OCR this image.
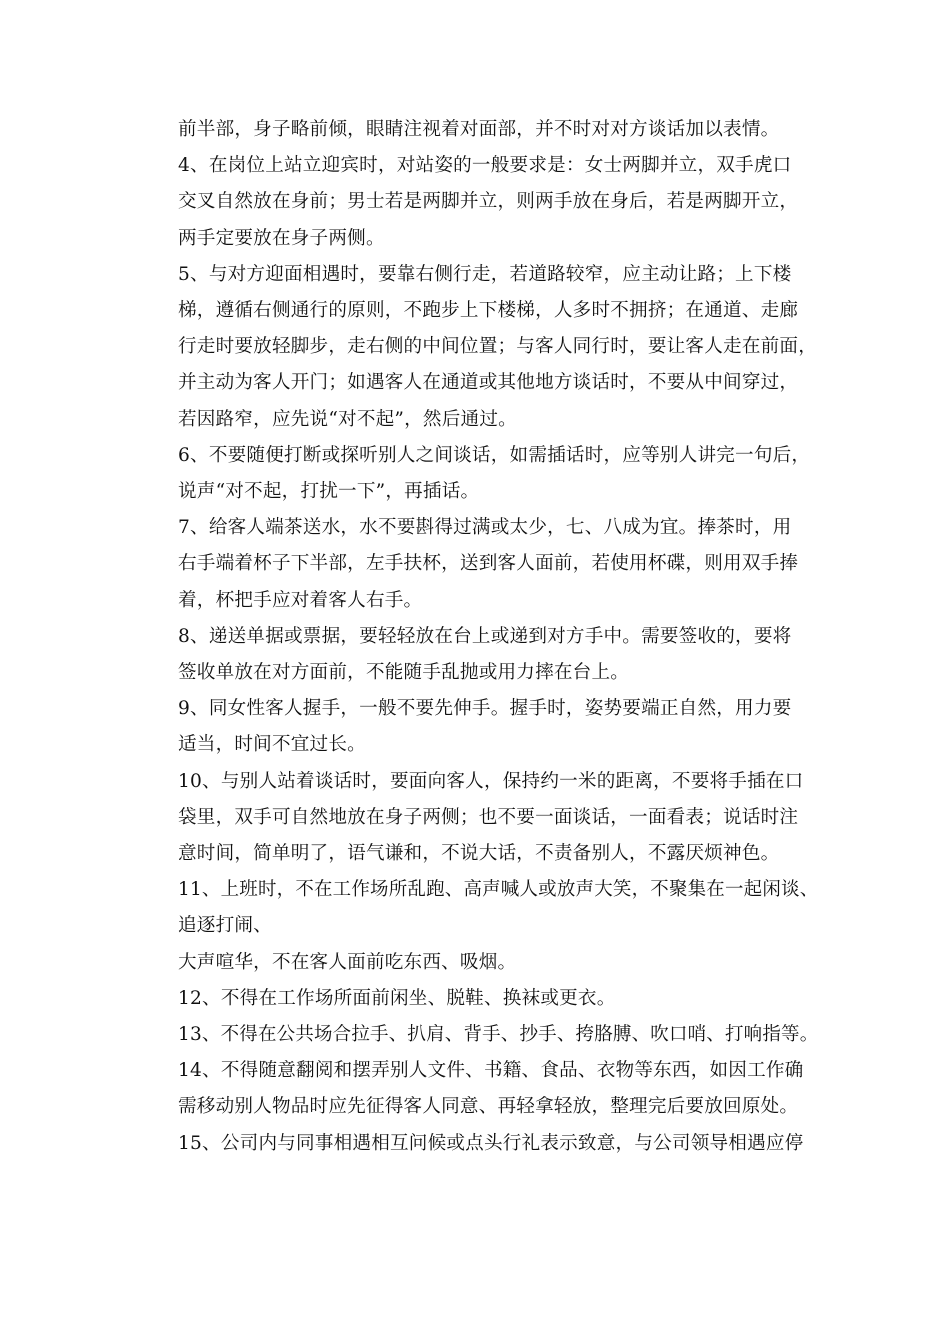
前半部，身子略前倾，眼睛注视着对面部，并不时对对方谈话加以表情。
4、在岗位上站立迎宾时，对站姿的一般要求是：女士两脚并立，双手虎口
交叉自然放在身前；男士若是两脚并立，则两手放在身后，若是两脚开立，
两手定要放在身子两侧。
5、与对方迎面相遇时，要靠右侧行走，若道路较窄，应主动让路；上下楼
梯，遵循右侧通行的原则，不跑步上下楼梯，人多时不拥挤；在通道、走廊
行走时要放轻脚步，走右侧的中间位置；与客人同行时，要让客人走在前面，
并主动为客人开门；如遇客人在通道或其他地方谈话时，不要从中间穿过，
若因路窄，应先说“对不起”，然后通过。
6、不要随便打断或探听别人之间谈话，如需插话时，应等别人讲完一句后，
说声“对不起，打扰一下”，再插话。
7、给客人端茶送水，水不要斟得过满或太少，七、八成为宜。捧茶时，用
右手端着杯子下半部，左手扶杯，送到客人面前，若使用杯碟，则用双手捧
着，杯把手应对着客人右手。
8、递送单据或票据，要轻轻放在台上或递到对方手中。需要签收的，要将
签收单放在对方面前，不能随手乱抛或用力摔在台上。
9、同女性客人握手，一般不要先伸手。握手时，姿势要端正自然，用力要
适当，时间不宜过长。
10、与别人站着谈话时，要面向客人，保持约一米的距离，不要将手插在口
袋里，双手可自然地放在身子两侧；也不要一面谈话，一面看表；说话时注
意时间，简单明了，语气谦和，不说大话，不责备别人，不露厌烦神色。
11、上班时，不在工作场所乱跑、高声喊人或放声大笑，不聚集在一起闲谈、
追逐打闹、
大声喧华，不在客人面前吃东西、吸烟。
12、不得在工作场所面前闲坐、脱鞋、换袜或更衣。
13、不得在公共场合拉手、扒肩、背手、抄手、挎胳膊、吹口哨、打响指等。
14、不得随意翻阅和摆弄别人文件、书籍、食品、衣物等东西，如因工作确
需移动别人物品时应先征得客人同意、再轻拿轻放，整理完后要放回原处。
15、公司内与同事相遇相互问候或点头行礼表示致意，与公司领导相遇应停
